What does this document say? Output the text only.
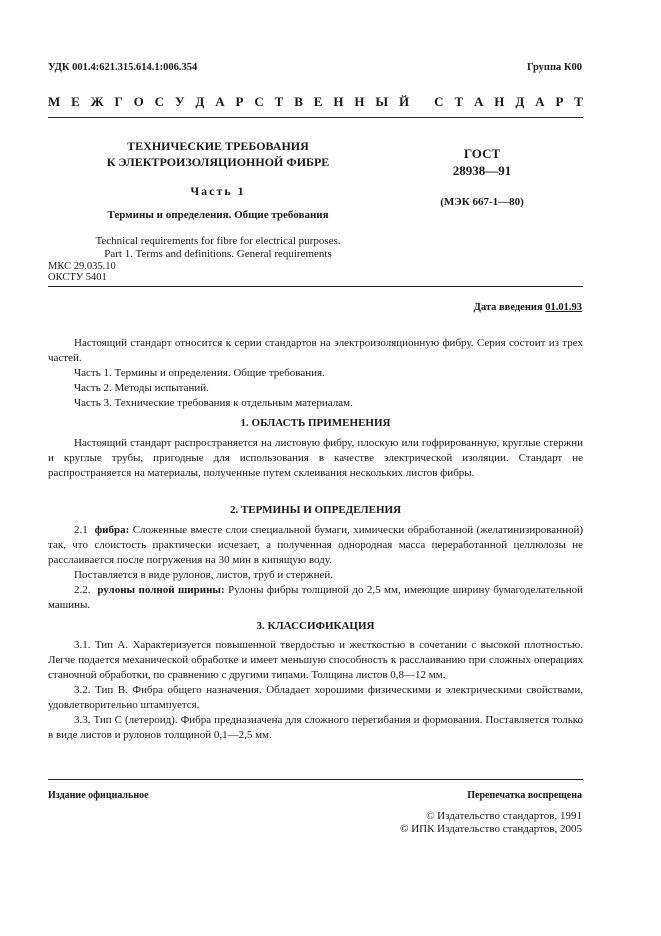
УДК 001.4:621.315.614.1:006.354	Группа К00
М Е Ж Г О С У Д А Р С Т В Е Н Н Ы Й
С Т А Н Д А Р Т
ТЕХНИЧЕСКИЕ ТРЕБОВАНИЯ
К ЭЛЕКТРОИЗОЛЯЦИОННОЙ ФИБРЕ
Часть 1
Термины и определения. Общие требования
Technical requirements for fibre for electrical purposes.
Part 1. Terms and definitions. General requirements
ГОСТ
28938—91
(МЭК 667-1—80)
МКС 29.035.10
ОКСТУ 5401
Дата введения 01.01.93

Настоящий стандарт относится к серии стандартов на электроизоляционную фибру. Серия состоит из трех частей.

Часть 1. Термины и определения. Общие требования.

Часть 2. Методы испытаний.

Часть 3. Технические требования к отдельным материалам.

1. ОБЛАСТЬ ПРИМЕНЕНИЯ

Настоящий стандарт распространяется на листовую фибру, плоскую или гофрированную, круглые стержни и круглые трубы, пригодные для использования в качестве электрической изоляции. Стандарт не распространяется на материалы, полученные путем склеивания нескольких листов фибры.

2. ТЕРМИНЫ И ОПРЕДЕЛЕНИЯ

2.1 фибра: Сложенные вместе слои специальной бумаги, химически обработанной (желатинизированной) так, что слоистость практически исчезает, а полученная однородная масса переработанной целлюлозы не расслаивается после погружения на 30 мин в кипящую воду.

Поставляется в виде рулонов, листов, труб и стержней.

2.2. рулоны полной ширины: Рулоны фибры толщиной до 2,5 мм, имеющие ширину бумагоделательной машины.

3. КЛАССИФИКАЦИЯ

3.1. Тип А. Характеризуется повышенной твердостью и жесткостью в сочетании с высокой плотностью. Легче подается механической обработке и имеет меньшую способность к расслаиванию при сложных операциях станочной обработки, по сравнению с другими типами. Толщина листов 0,8—12 мм.

3.2. Тип В. Фибра общего назначения. Обладает хорошими физическими и электрическими свойствами, удовлетворительно штампуется.

3.3. Тип С (летероид). Фибра предназначена для сложного перегибания и формования. Поставляется только в виде листов и рулонов толщиной 0,1—2,5 мм.

Издание официальное	Перепечатка воспрещена
© Издательство стандартов, 1991
© ИПК Издательство стандартов, 2005
